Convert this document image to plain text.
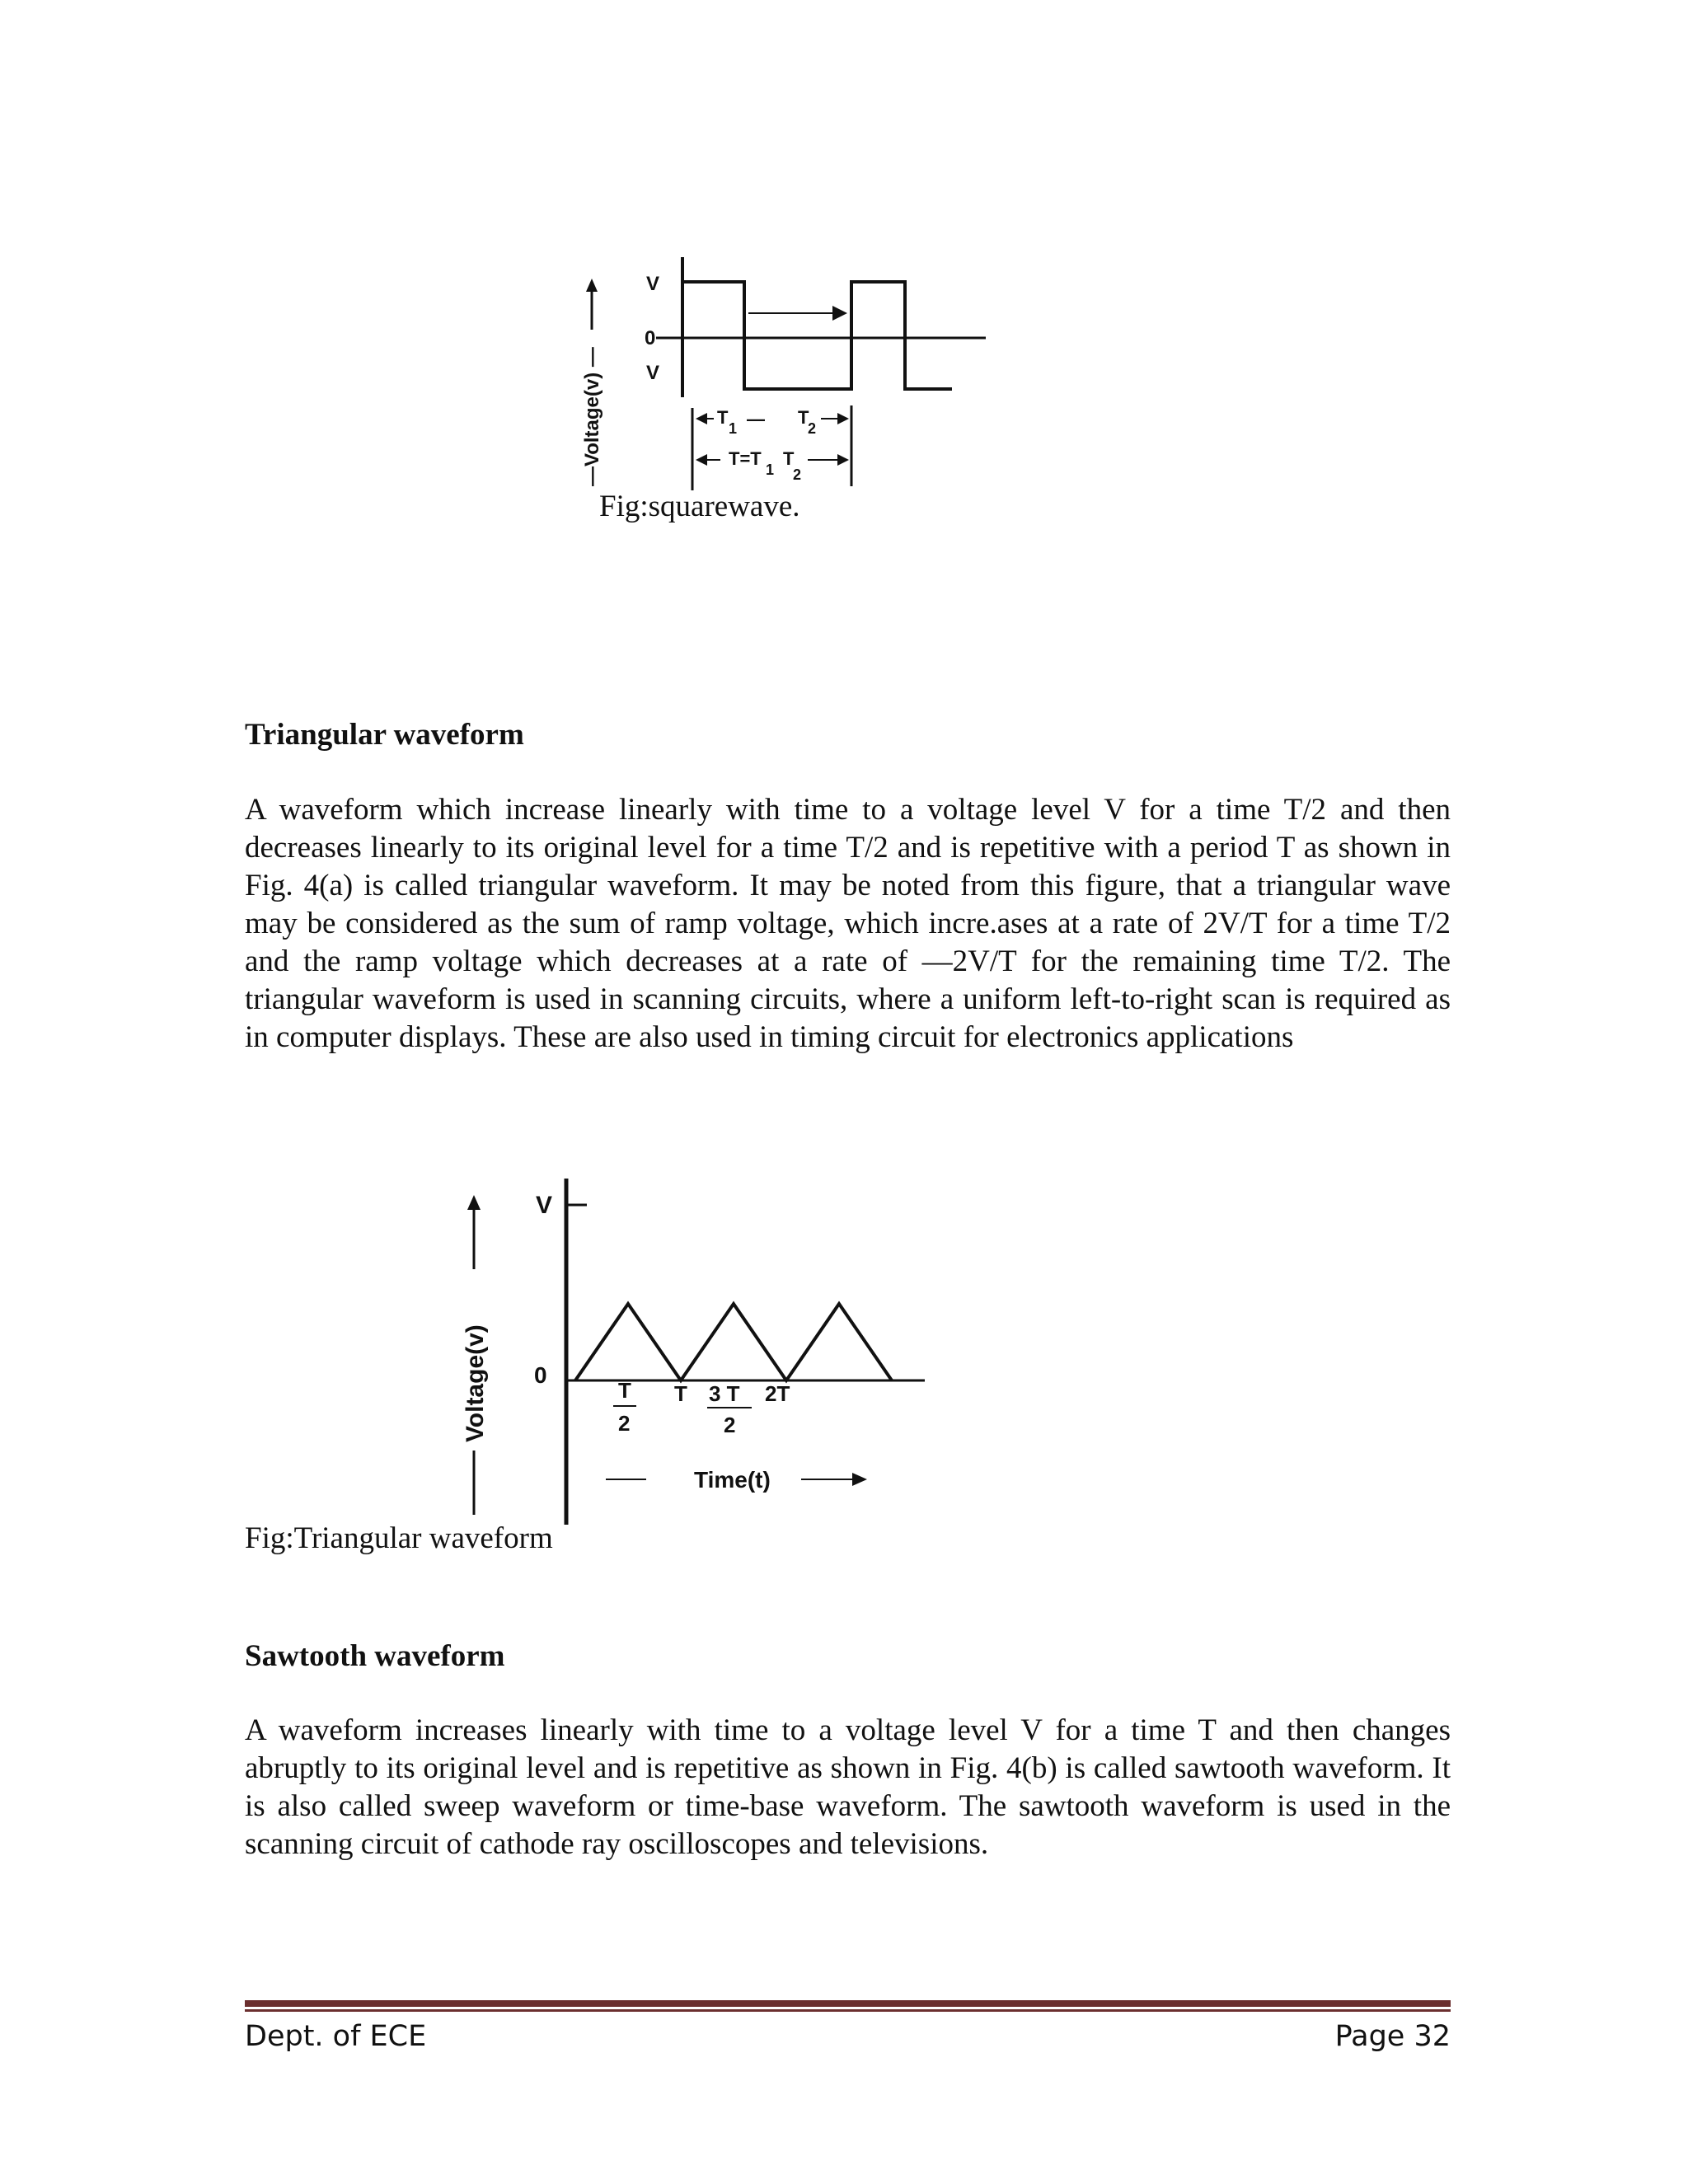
—Voltage(v) —
V
0
V
T
1 — T
2
T=T
1
T
2
Fig:squarewave.
Triangular waveform
A waveform which increase linearly with time to a voltage level V for a time T/2 and then decreases linearly to its original level for a time T/2 and is repetitive with a period T as shown in Fig. 4(a) is called triangular waveform. It may be noted from this figure, that a triangular wave may be considered as the sum of ramp voltage, which incre.ases at a rate of 2V/T for a time T/2 and the ramp voltage which decreases at a rate of —2V/T for the remaining time T/2. The triangular waveform is used in scanning circuits, where a uniform left-to-right scan is required as in computer displays. These are also used in timing circuit for electronics applications
Voltage(v)
V
0
T
2
T 3 T
2
2T
Time(t)
Fig:Triangular waveform
Sawtooth waveform
A waveform increases linearly with time to a voltage level V for a time T and then changes abruptly to its original level and is repetitive as shown in Fig. 4(b) is called sawtooth waveform. It is also called sweep waveform or time-base waveform. The sawtooth waveform is used in the scanning circuit of cathode ray oscilloscopes and televisions.
Dept. of ECE	Page 32
